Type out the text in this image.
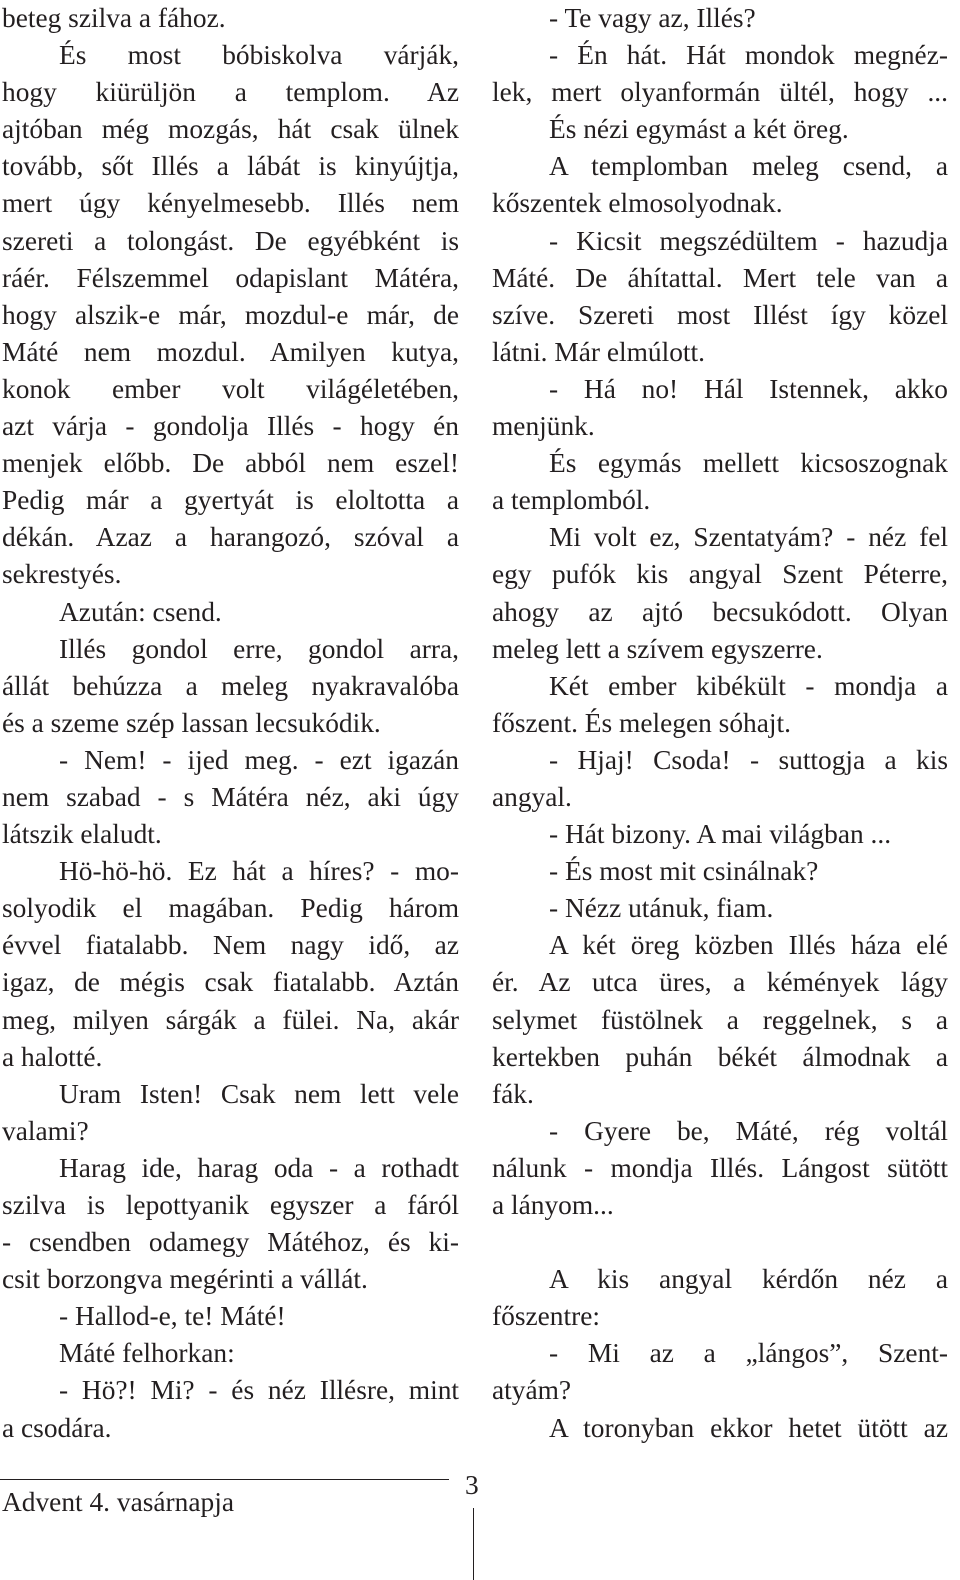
beteg szilva a fához.
És most bóbiskolva várják,
hogy kiürüljön a templom. Az
ajtóban még mozgás, hát csak ülnek
tovább, sőt Illés a lábát is kinyújtja,
mert úgy kényelmesebb. Illés nem
szereti a tolongást. De egyébként is
ráér. Félszemmel odapislant Mátéra,
hogy alszik-e már, mozdul-e már, de
Máté nem mozdul. Amilyen kutya,
konok ember volt világéletében,
azt várja - gondolja Illés - hogy én
menjek előbb. De abból nem eszel!
Pedig már a gyertyát is eloltotta a
dékán. Azaz a harangozó, szóval a
sekrestyés.
Azután: csend.
Illés gondol erre, gondol arra,
állát behúzza a meleg nyakravalóba
és a szeme szép lassan lecsukódik.
- Nem! - ijed meg. - ezt igazán
nem szabad - s Mátéra néz, aki úgy
látszik elaludt.
Hö-hö-hö. Ez hát a híres? - mo-
solyodik el magában. Pedig három
évvel fiatalabb. Nem nagy idő, az
igaz, de mégis csak fiatalabb. Aztán
meg, milyen sárgák a fülei. Na, akár
a halotté.
Uram Isten! Csak nem lett vele
valami?
Harag ide, harag oda - a rothadt
szilva is lepottyanik egyszer a fáról
- csendben odamegy Mátéhoz, és ki-
csit borzongva megérinti a vállát.
- Hallod-e, te! Máté!
Máté felhorkan:
- Hö?! Mi? - és néz Illésre, mint
a csodára.
- Te vagy az, Illés?
- Én hát. Hát mondok megnéz-
lek, mert olyanformán ültél, hogy ...
És nézi egymást a két öreg.
A templomban meleg csend, a
kőszentek elmosolyodnak.
- Kicsit megszédültem - hazudja
Máté. De áhítattal. Mert tele van a
szíve. Szereti most Illést így közel
látni. Már elmúlott.
- Há no! Hál Istennek, akko
menjünk.
És egymás mellett kicsoszognak
a templomból.
Mi volt ez, Szentatyám? - néz fel
egy pufók kis angyal Szent Péterre,
ahogy az ajtó becsukódott. Olyan
meleg lett a szívem egyszerre.
Két ember kibékült - mondja a
főszent. És melegen sóhajt.
- Hjaj! Csoda! - suttogja a kis
angyal.
- Hát bizony. A mai világban ...
- És most mit csinálnak?
- Nézz utánuk, fiam.
A két öreg közben Illés háza elé
ér. Az utca üres, a kémények lágy
selymet füstölnek a reggelnek, s a
kertekben puhán békét álmodnak a
fák.
- Gyere be, Máté, rég voltál
nálunk - mondja Illés. Lángost sütött
a lányom...
A kis angyal kérdőn néz a
főszentre:
- Mi az a „lángos”, Szent-
atyám?
A toronyban ekkor hetet ütött az
Advent 4. vasárnapja
3
